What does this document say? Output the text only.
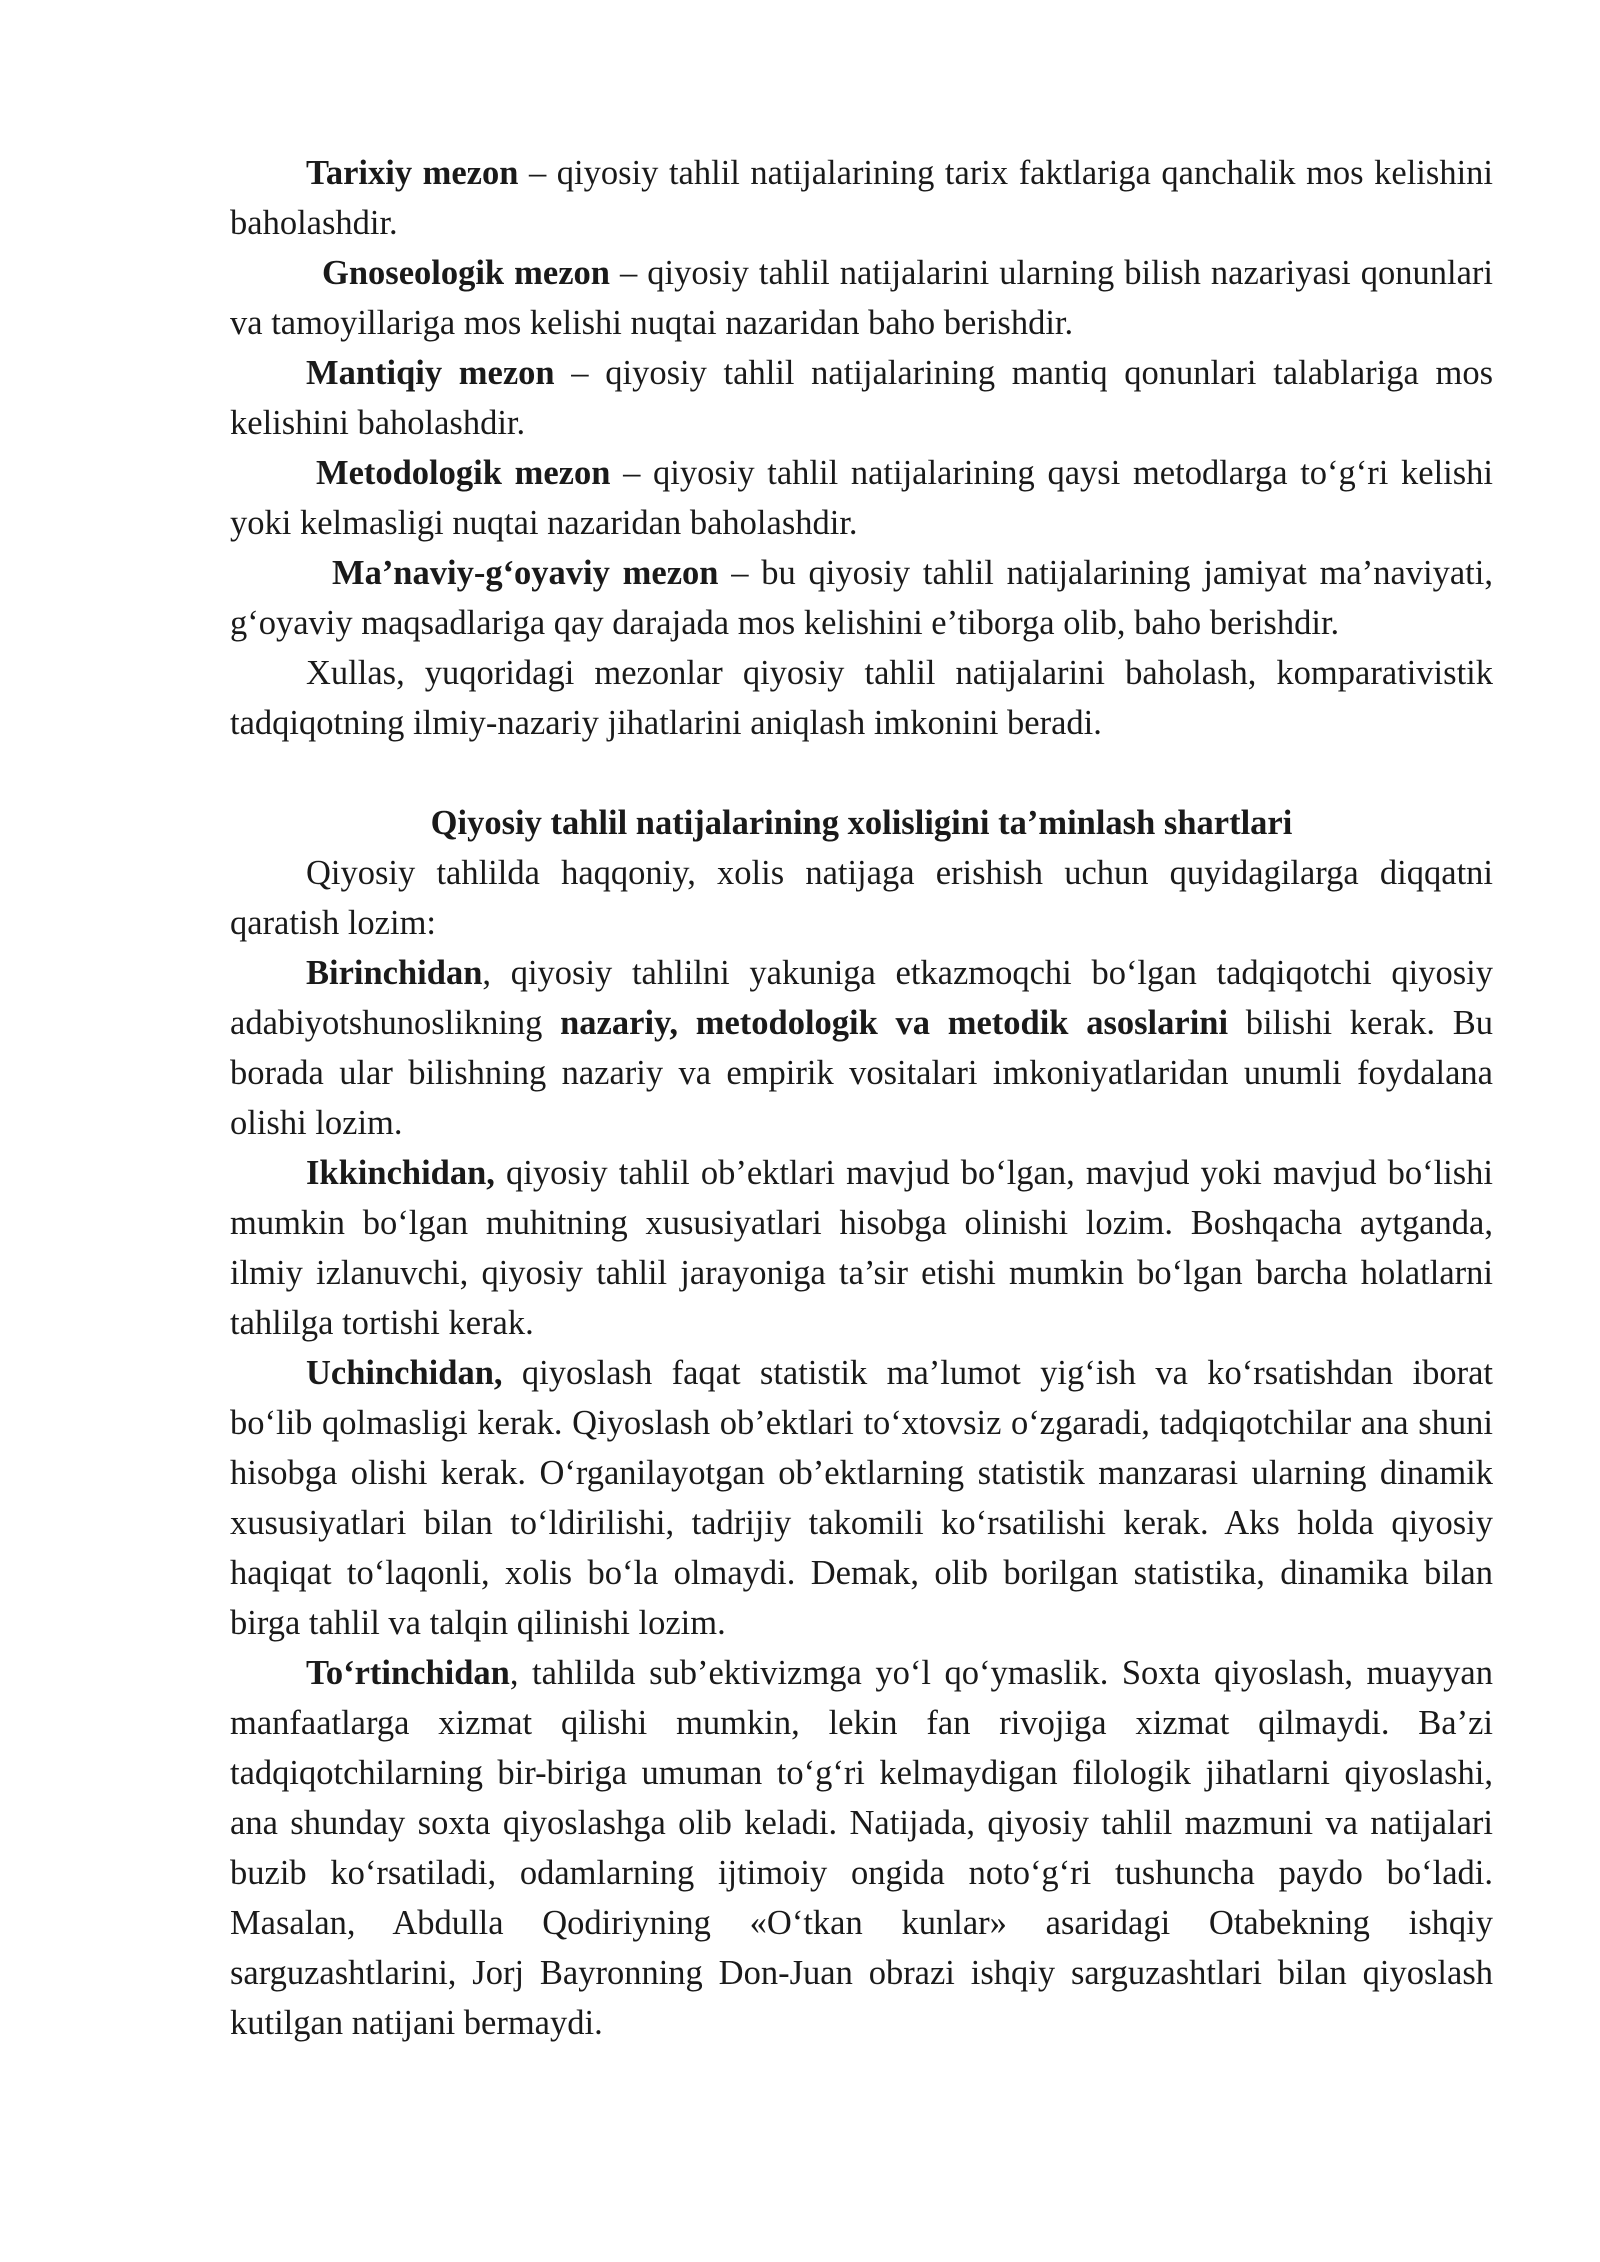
Tarixiy mezon – qiyosiy tahlil natijalarining tarix faktlariga qanchalik mos kelishini baholashdir.

Gnoseologik mezon – qiyosiy tahlil natijalarini ularning bilish nazariyasi qonunlari va tamoyillariga mos kelishi nuqtai nazaridan baho berishdir.

Mantiqiy mezon – qiyosiy tahlil natijalarining mantiq qonunlari talablariga mos kelishini baholashdir.

Metodologik mezon – qiyosiy tahlil natijalarining qaysi metodlarga to‘g‘ri kelishi yoki kelmasligi nuqtai nazaridan baholashdir.

Ma’naviy-g‘oyaviy mezon – bu qiyosiy tahlil natijalarining jamiyat ma’naviyati, g‘oyaviy maqsadlariga qay darajada mos kelishini e’tiborga olib, baho berishdir.

Xullas, yuqoridagi mezonlar qiyosiy tahlil natijalarini baholash, komparativistik tadqiqotning ilmiy-nazariy jihatlarini aniqlash imkonini beradi.

Qiyosiy tahlil natijalarining xolisligini ta’minlash shartlari

Qiyosiy tahlilda haqqoniy, xolis natijaga erishish uchun quyidagilarga diqqatni qaratish lozim:

Birinchidan, qiyosiy tahlilni yakuniga etkazmoqchi bo‘lgan tadqiqotchi qiyosiy adabiyotshunoslikning nazariy, metodologik va metodik asoslarini bilishi kerak. Bu borada ular bilishning nazariy va empirik vositalari imkoniyatlaridan unumli foydalana olishi lozim.

Ikkinchidan, qiyosiy tahlil ob’ektlari mavjud bo‘lgan, mavjud yoki mavjud bo‘lishi mumkin bo‘lgan muhitning xususiyatlari hisobga olinishi lozim. Boshqacha aytganda, ilmiy izlanuvchi, qiyosiy tahlil jarayoniga ta’sir etishi mumkin bo‘lgan barcha holatlarni tahlilga tortishi kerak.

Uchinchidan, qiyoslash faqat statistik ma’lumot yig‘ish va ko‘rsatishdan iborat bo‘lib qolmasligi kerak. Qiyoslash ob’ektlari to‘xtovsiz o‘zgaradi, tadqiqotchilar ana shuni hisobga olishi kerak. O‘rganilayotgan ob’ektlarning statistik manzarasi ularning dinamik xususiyatlari bilan to‘ldirilishi, tadrijiy takomili ko‘rsatilishi kerak. Aks holda qiyosiy haqiqat to‘laqonli, xolis bo‘la olmaydi. Demak, olib borilgan statistika, dinamika bilan birga tahlil va talqin qilinishi lozim.

To‘rtinchidan, tahlilda sub’ektivizmga yo‘l qo‘ymaslik. Soxta qiyoslash, muayyan manfaatlarga xizmat qilishi mumkin, lekin fan rivojiga xizmat qilmaydi. Ba’zi tadqiqotchilarning bir-biriga umuman to‘g‘ri kelmaydigan filologik jihatlarni qiyoslashi, ana shunday soxta qiyoslashga olib keladi. Natijada, qiyosiy tahlil mazmuni va natijalari buzib ko‘rsatiladi, odamlarning ijtimoiy ongida noto‘g‘ri tushuncha paydo bo‘ladi. Masalan, Abdulla Qodiriyning «O‘tkan kunlar» asaridagi Otabekning ishqiy sarguzashtlarini, Jorj Bayronning Don-Juan obrazi ishqiy sarguzashtlari bilan qiyoslash kutilgan natijani bermaydi.
